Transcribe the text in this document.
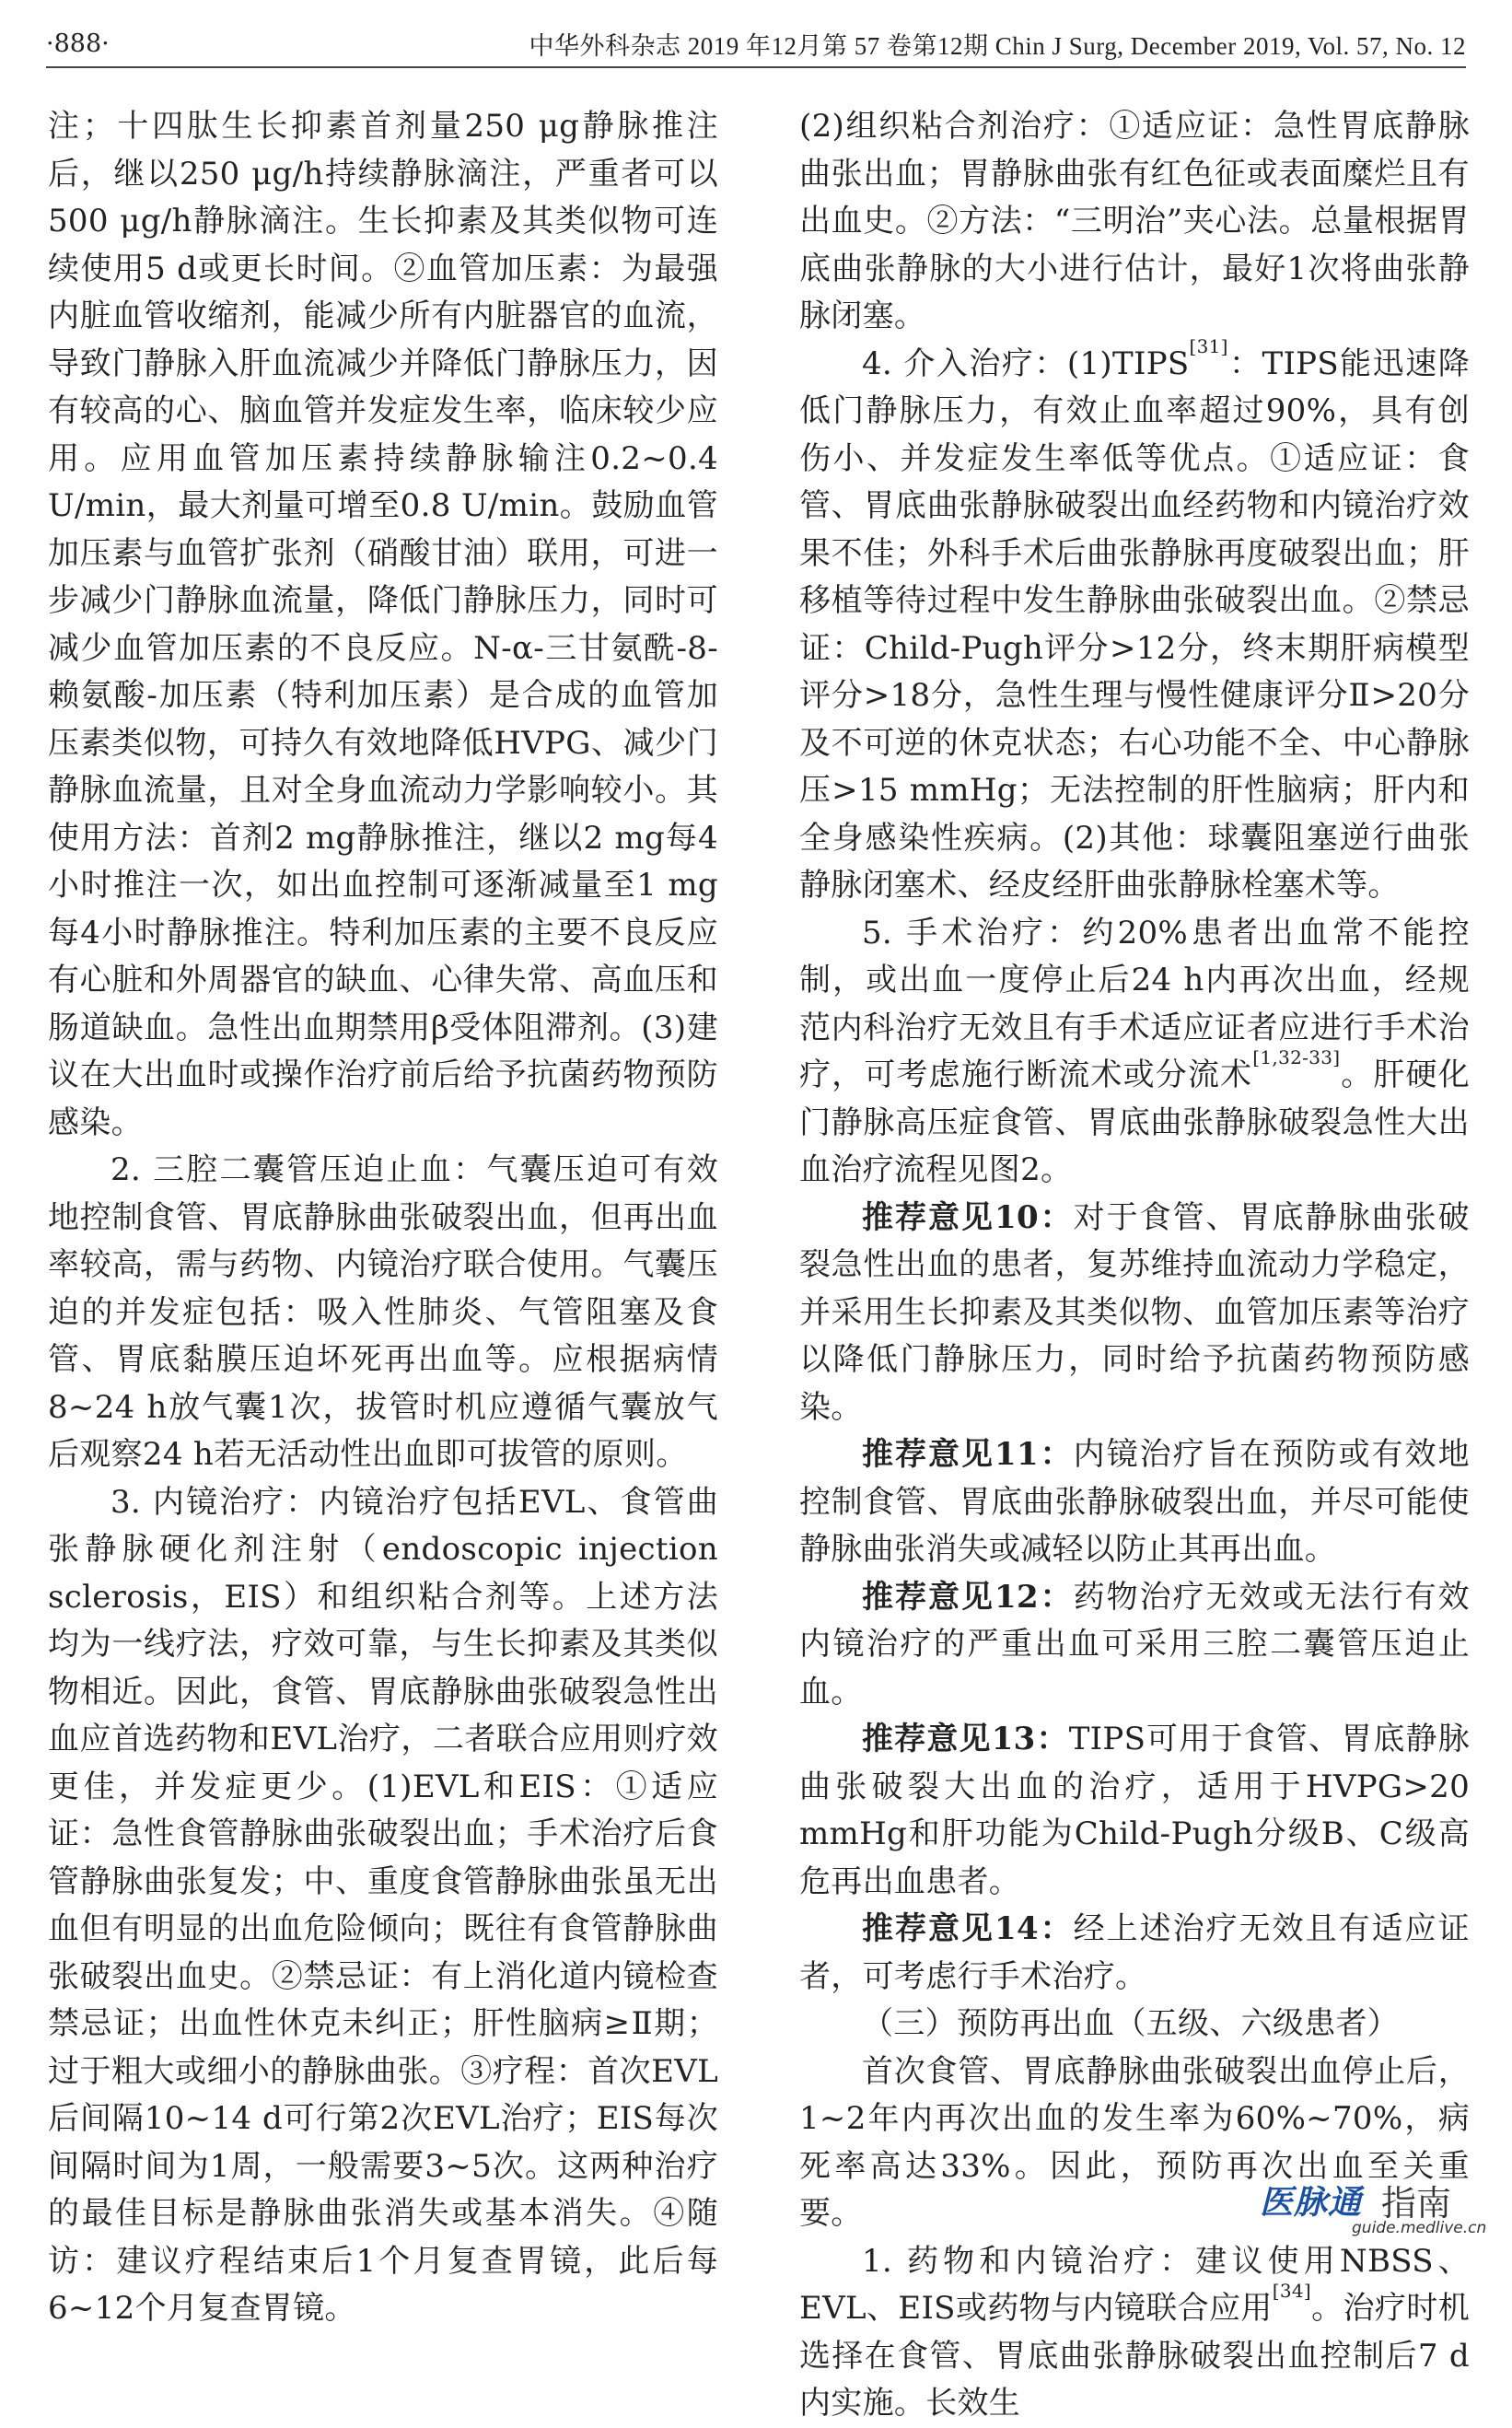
·888·	中华外科杂志 2019 年12月第 57 卷第12期 Chin J Surg, December 2019, Vol. 57, No. 12

注；十四肽生长抑素首剂量250 μg静脉推注后，继以250 μg/h持续静脉滴注，严重者可以500 μg/h静脉滴注。生长抑素及其类似物可连续使用5 d或更长时间。②血管加压素：为最强内脏血管收缩剂，能减少所有内脏器官的血流，导致门静脉入肝血流减少并降低门静脉压力，因有较高的心、脑血管并发症发生率，临床较少应用。应用血管加压素持续静脉输注0.2~0.4 U/min，最大剂量可增至0.8 U/min。鼓励血管加压素与血管扩张剂（硝酸甘油）联用，可进一步减少门静脉血流量，降低门静脉压力，同时可减少血管加压素的不良反应。N-α-三甘氨酰-8-赖氨酸-加压素（特利加压素）是合成的血管加压素类似物，可持久有效地降低HVPG、减少门静脉血流量，且对全身血流动力学影响较小。其使用方法：首剂2 mg静脉推注，继以2 mg每4小时推注一次，如出血控制可逐渐减量至1 mg每4小时静脉推注。特利加压素的主要不良反应有心脏和外周器官的缺血、心律失常、高血压和肠道缺血。急性出血期禁用β受体阻滞剂。(3)建议在大出血时或操作治疗前后给予抗菌药物预防感染。

2. 三腔二囊管压迫止血：气囊压迫可有效地控制食管、胃底静脉曲张破裂出血，但再出血率较高，需与药物、内镜治疗联合使用。气囊压迫的并发症包括：吸入性肺炎、气管阻塞及食管、胃底黏膜压迫坏死再出血等。应根据病情8~24 h放气囊1次，拔管时机应遵循气囊放气后观察24 h若无活动性出血即可拔管的原则。

3. 内镜治疗：内镜治疗包括EVL、食管曲张静脉硬化剂注射（endoscopic injection sclerosis，EIS）和组织粘合剂等。上述方法均为一线疗法，疗效可靠，与生长抑素及其类似物相近。因此，食管、胃底静脉曲张破裂急性出血应首选药物和EVL治疗，二者联合应用则疗效更佳，并发症更少。(1)EVL和EIS：①适应证：急性食管静脉曲张破裂出血；手术治疗后食管静脉曲张复发；中、重度食管静脉曲张虽无出血但有明显的出血危险倾向；既往有食管静脉曲张破裂出血史。②禁忌证：有上消化道内镜检查禁忌证；出血性休克未纠正；肝性脑病≥Ⅱ期；过于粗大或细小的静脉曲张。③疗程：首次EVL后间隔10~14 d可行第2次EVL治疗；EIS每次间隔时间为1周，一般需要3~5次。这两种治疗的最佳目标是静脉曲张消失或基本消失。④随访：建议疗程结束后1个月复查胃镜，此后每6~12个月复查胃镜。

(2)组织粘合剂治疗：①适应证：急性胃底静脉曲张出血；胃静脉曲张有红色征或表面糜烂且有出血史。②方法：“三明治”夹心法。总量根据胃底曲张静脉的大小进行估计，最好1次将曲张静脉闭塞。

4. 介入治疗：(1)TIPS[31]：TIPS能迅速降低门静脉压力，有效止血率超过90%，具有创伤小、并发症发生率低等优点。①适应证：食管、胃底曲张静脉破裂出血经药物和内镜治疗效果不佳；外科手术后曲张静脉再度破裂出血；肝移植等待过程中发生静脉曲张破裂出血。②禁忌证：Child-Pugh评分>12分，终末期肝病模型评分>18分，急性生理与慢性健康评分Ⅱ>20分及不可逆的休克状态；右心功能不全、中心静脉压>15 mmHg；无法控制的肝性脑病；肝内和全身感染性疾病。(2)其他：球囊阻塞逆行曲张静脉闭塞术、经皮经肝曲张静脉栓塞术等。

5. 手术治疗：约20%患者出血常不能控制，或出血一度停止后24 h内再次出血，经规范内科治疗无效且有手术适应证者应进行手术治疗，可考虑施行断流术或分流术[1,32-33]。肝硬化门静脉高压症食管、胃底曲张静脉破裂急性大出血治疗流程见图2。

推荐意见10：对于食管、胃底静脉曲张破裂急性出血的患者，复苏维持血流动力学稳定，并采用生长抑素及其类似物、血管加压素等治疗以降低门静脉压力，同时给予抗菌药物预防感染。

推荐意见11：内镜治疗旨在预防或有效地控制食管、胃底曲张静脉破裂出血，并尽可能使静脉曲张消失或减轻以防止其再出血。

推荐意见12：药物治疗无效或无法行有效内镜治疗的严重出血可采用三腔二囊管压迫止血。

推荐意见13：TIPS可用于食管、胃底静脉曲张破裂大出血的治疗，适用于HVPG>20 mmHg和肝功能为Child-Pugh分级B、C级高危再出血患者。

推荐意见14：经上述治疗无效且有适应证者，可考虑行手术治疗。

（三）预防再出血（五级、六级患者）

首次食管、胃底静脉曲张破裂出血停止后，1~2年内再次出血的发生率为60%~70%，病死率高达33%。因此，预防再次出血至关重要。

1. 药物和内镜治疗：建议使用NBSS、EVL、EIS或药物与内镜联合应用[34]。治疗时机选择在食管、胃底曲张静脉破裂出血控制后7 d内实施。长效生

医脉通 指南
guide.medlive.cn
